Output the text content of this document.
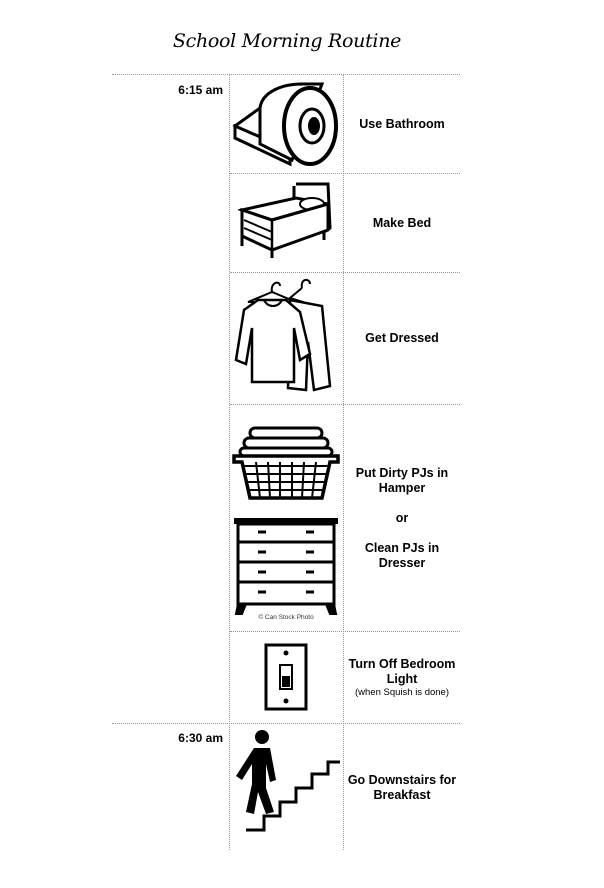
School Morning Routine
6:15 am
6:30 am
Use Bathroom
Make Bed
Get Dressed
© Can Stock Photo
Put Dirty PJs in Hamper
or
Clean PJs in Dresser
Turn Off Bedroom Light
(when Squish is done)
Go Downstairs for Breakfast
